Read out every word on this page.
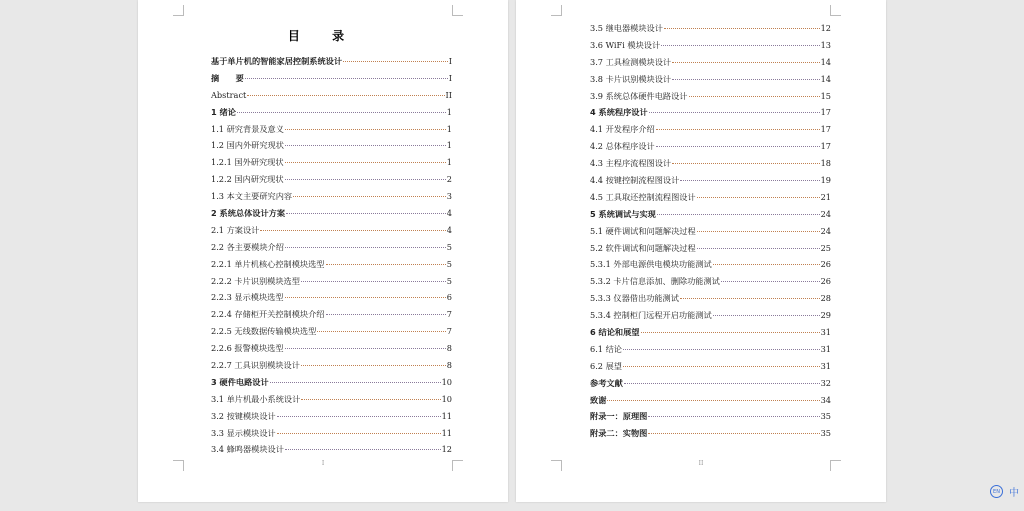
目 录
基于单片机的智能家居控制系统设计	I
摘　　要	I
Abstract	II
1 绪论	1
1.1 研究背景及意义	1
1.2 国内外研究现状	1
1.2.1 国外研究现状	1
1.2.2 国内研究现状	2
1.3 本文主要研究内容	3
2 系统总体设计方案	4
2.1 方案设计	4
2.2 各主要模块介绍	5
2.2.1 单片机核心控制模块选型	5
2.2.2 卡片识别模块选型	5
2.2.3 显示模块选型	6
2.2.4 存储柜开关控制模块介绍	7
2.2.5 无线数据传输模块选型	7
2.2.6 报警模块选型	8
2.2.7 工具识别模块设计	8
3 硬件电路设计	10
3.1 单片机最小系统设计	10
3.2 按键模块设计	11
3.3 显示模块设计	11
3.4 蜂鸣器模块设计	12
I
3.5 继电器模块设计	12
3.6 WiFi 模块设计	13
3.7 工具检测模块设计	14
3.8 卡片识别模块设计	14
3.9 系统总体硬件电路设计	15
4 系统程序设计	17
4.1 开发程序介绍	17
4.2 总体程序设计	17
4.3 主程序流程图设计	18
4.4 按键控制流程图设计	19
4.5 工具取还控制流程图设计	21
5 系统调试与实现	24
5.1 硬件调试和问题解决过程	24
5.2 软件调试和问题解决过程	25
5.3.1 外部电源供电模块功能测试	26
5.3.2 卡片信息添加、删除功能测试	26
5.3.3 仪器借出功能测试	28
5.3.4 控制柜门远程开启功能测试	29
6 结论和展望	31
6.1 结论	31
6.2 展望	31
参考文献	32
致谢	34
附录一：原理图	35
附录二：实物图	35
II
EN 中
